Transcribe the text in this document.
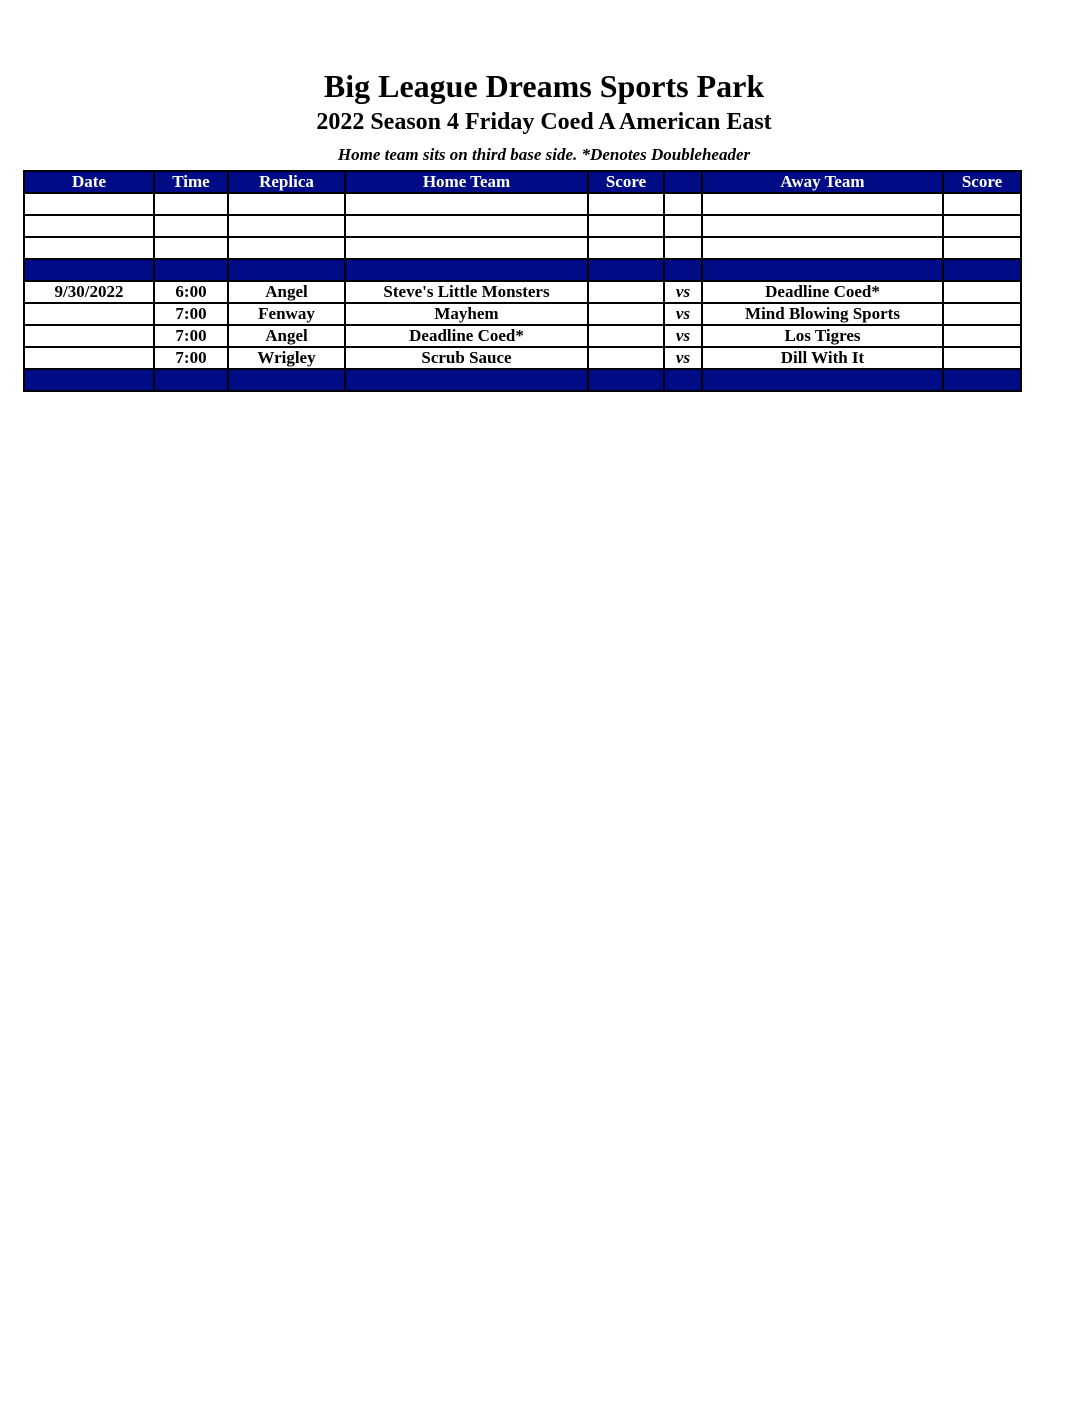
Big League Dreams Sports Park
2022 Season 4 Friday Coed A American East
Home team sits on third base side. *Denotes Doubleheader
Date	Time	Replica	Home Team	Score		Away Team	Score

9/30/2022	6:00	Angel	Steve's Little Monsters		vs	Deadline Coed*	
	7:00	Fenway	Mayhem		vs	Mind Blowing Sports	
	7:00	Angel	Deadline Coed*		vs	Los Tigres	
	7:00	Wrigley	Scrub Sauce		vs	Dill With It	
